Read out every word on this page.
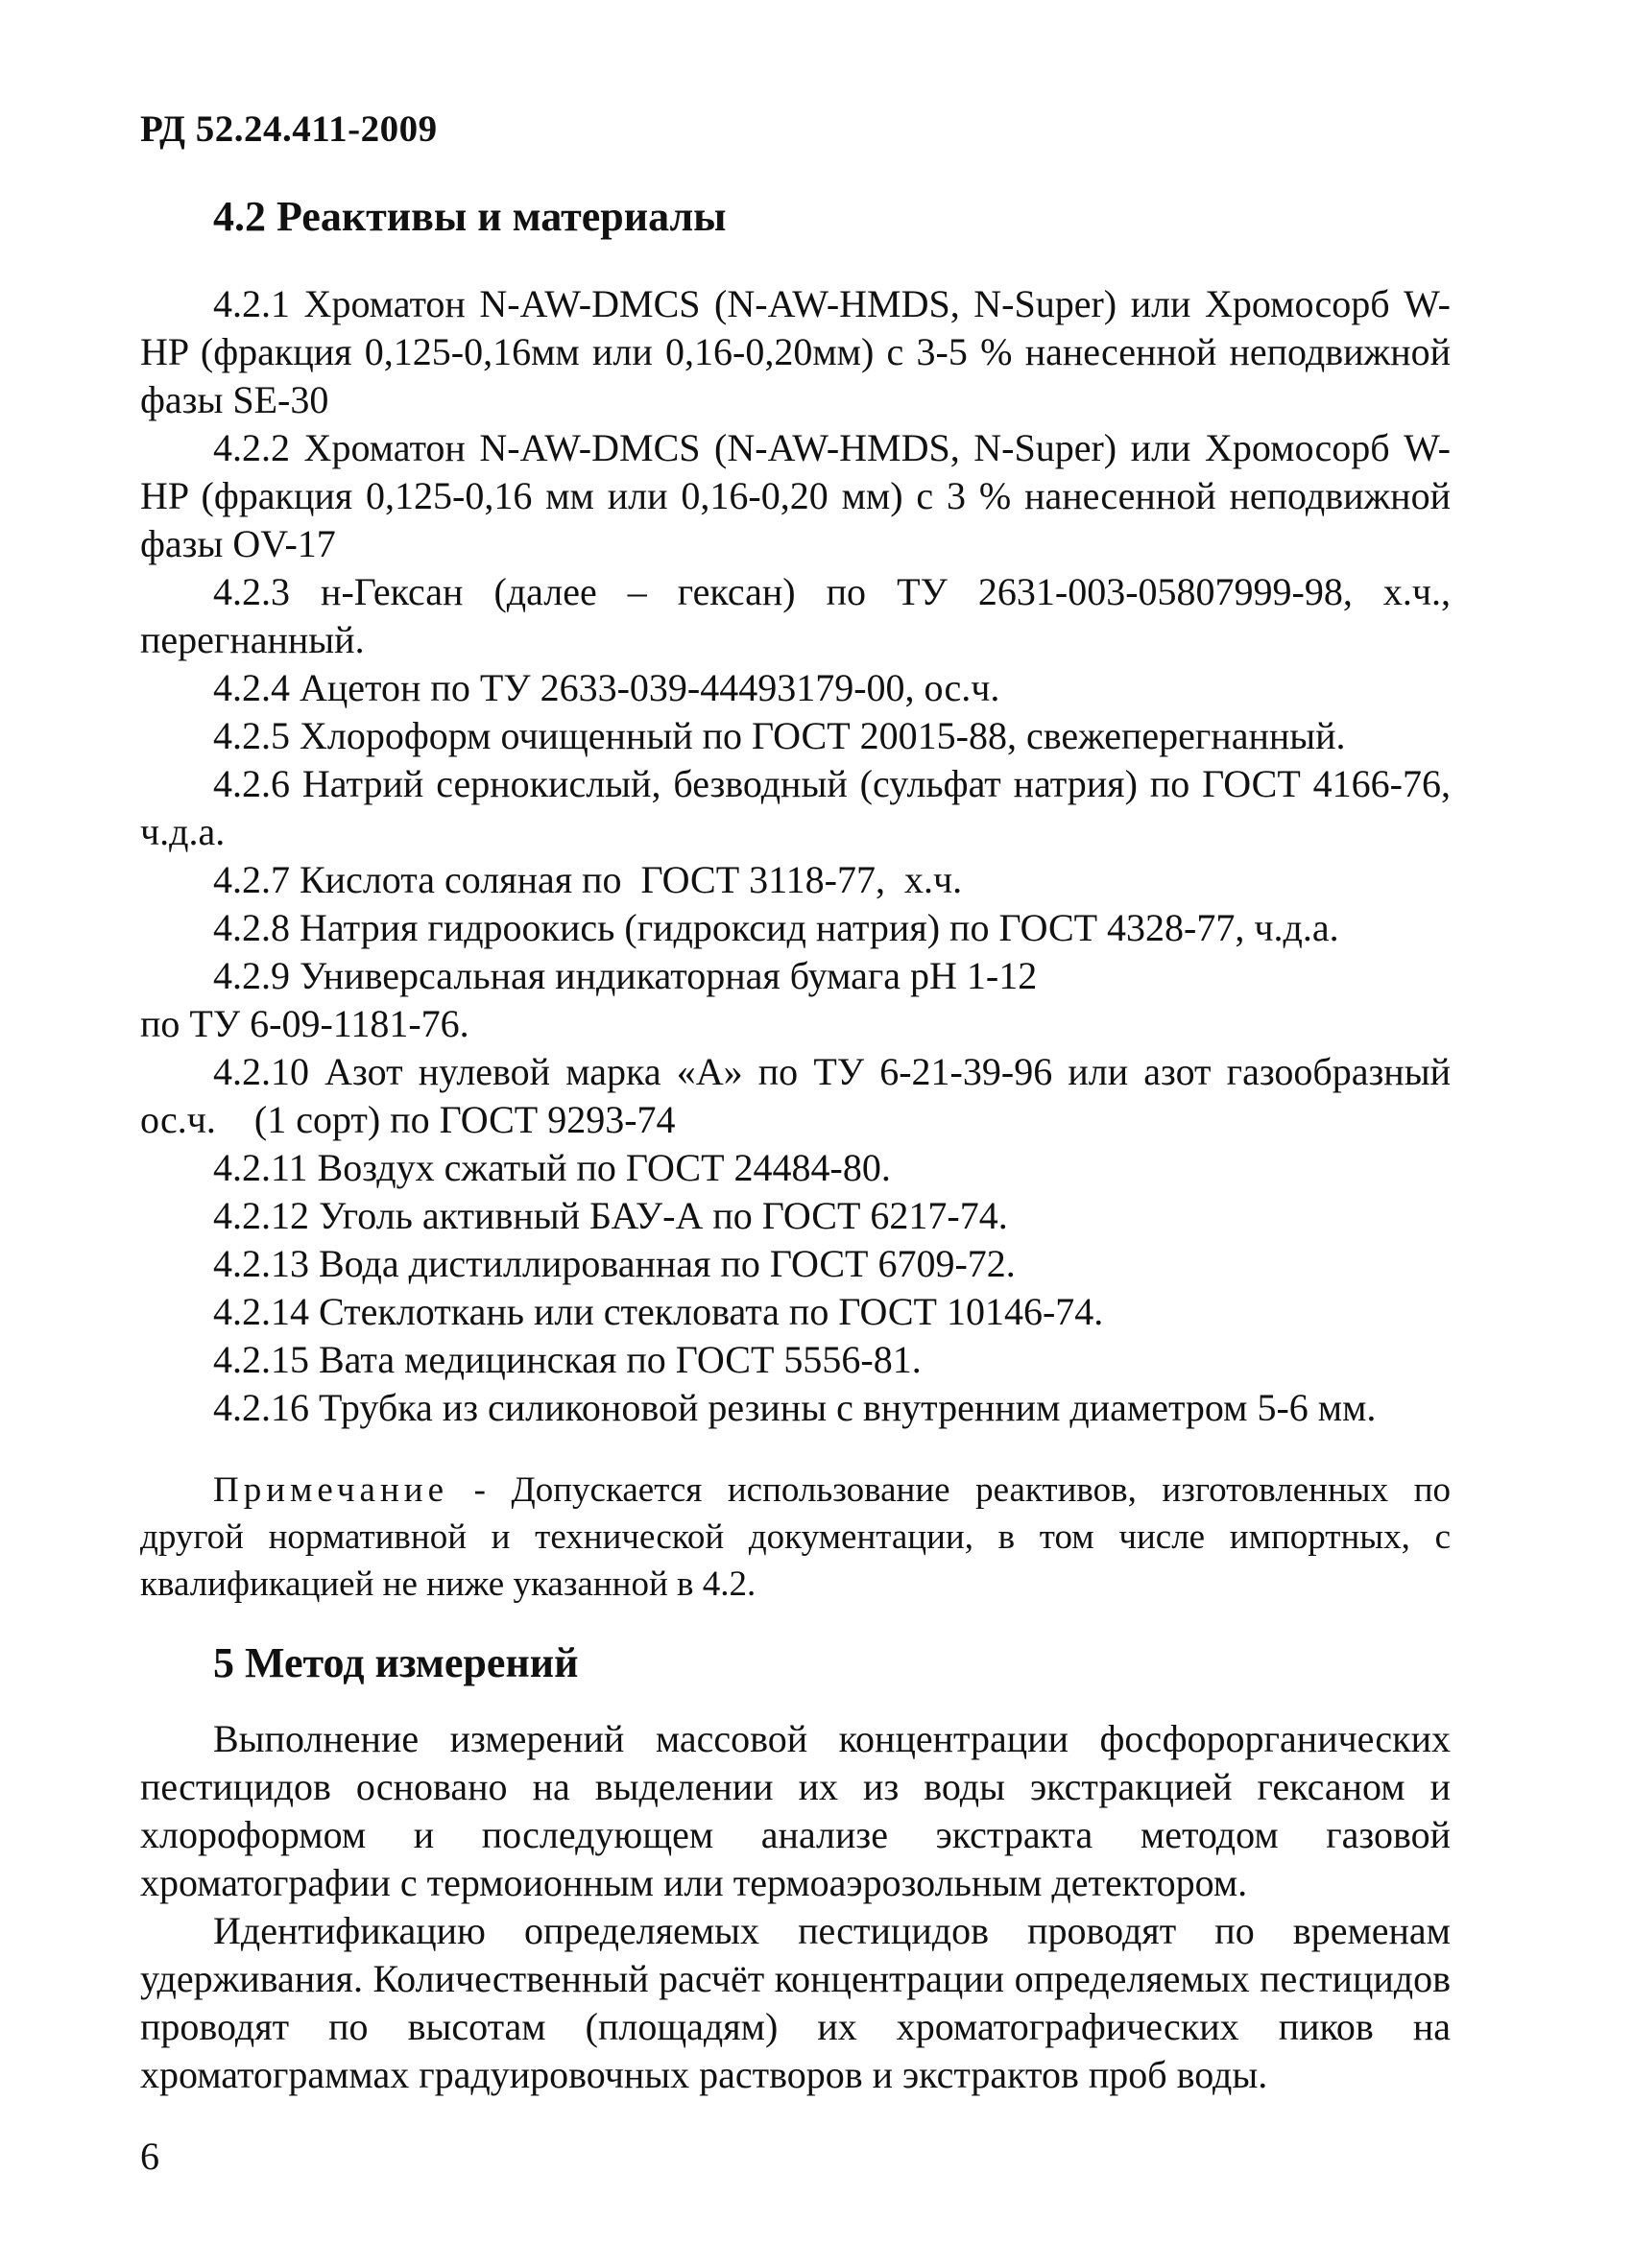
РД 52.24.411-2009
4.2 Реактивы и материалы

4.2.1 Хроматон N-AW-DMCS (N-AW-HMDS, N-Super) или Хромосорб W-HP (фракция 0,125-0,16мм или 0,16-0,20мм) с 3-5 % нанесенной неподвижной фазы SE-30

4.2.2 Хроматон N-AW-DMCS (N-AW-HMDS, N-Super) или Хромосорб W-HP (фракция 0,125-0,16 мм или 0,16-0,20 мм) с 3 % нанесенной неподвижной фазы OV-17

4.2.3 н-Гексан (далее – гексан) по ТУ 2631-003-05807999-98, х.ч., перегнанный.

4.2.4 Ацетон по ТУ 2633-039-44493179-00, ос.ч.

4.2.5 Хлороформ очищенный по ГОСТ 20015-88, свежеперегнанный.

4.2.6 Натрий сернокислый, безводный (сульфат натрия) по ГОСТ 4166-76, ч.д.а.

4.2.7 Кислота соляная по  ГОСТ 3118-77,  х.ч.

4.2.8 Натрия гидроокись (гидроксид натрия) по ГОСТ 4328-77, ч.д.а.

4.2.9 Универсальная индикаторная бумага рН 1-12

по ТУ 6-09-1181-76.

4.2.10 Азот нулевой марка «А» по ТУ 6-21-39-96 или азот газообразный ос.ч.    (1 сорт) по ГОСТ 9293-74

4.2.11 Воздух сжатый по ГОСТ 24484-80.

4.2.12 Уголь активный БАУ-А по ГОСТ 6217-74.

4.2.13 Вода дистиллированная по ГОСТ 6709-72.

4.2.14 Стеклоткань или стекловата по ГОСТ 10146-74.

4.2.15 Вата медицинская по ГОСТ 5556-81.

4.2.16 Трубка из силиконовой резины с внутренним диаметром 5-6 мм.

Примечание - Допускается использование реактивов, изготовленных по другой нормативной и технической документации, в том числе импортных, с квалификацией не ниже указанной в 4.2.

5 Метод измерений

Выполнение измерений массовой концентрации фосфорорганических пестицидов основано на выделении их из воды экстракцией гексаном и хлороформом и последующем анализе экстракта методом газовой хроматографии с термоионным или термоаэрозольным детектором.

Идентификацию определяемых пестицидов проводят по временам удерживания. Количественный расчёт концентрации определяемых пестицидов проводят по высотам (площадям) их хроматографических пиков на хроматограммах градуировочных растворов и экстрактов проб воды.

6
